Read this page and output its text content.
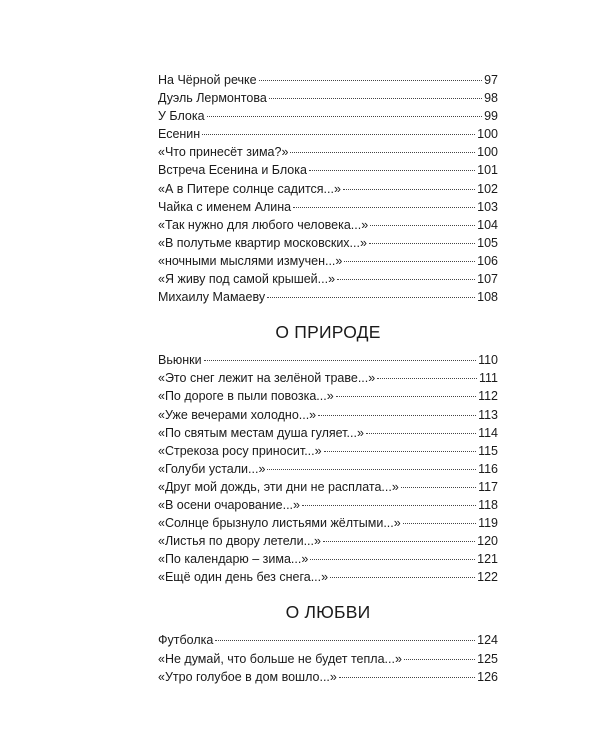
На Чёрной речке	97
Дуэль Лермонтова	98
У Блока	99
Есенин	100
«Что принесёт зима?»	100
Встреча Есенина и Блока	101
«А в Питере солнце садится...»	102
Чайка с именем Алина	103
«Так нужно для любого человека...»	104
«В полутьме квартир московских...»	105
«ночными мыслями измучен...»	106
«Я живу под самой крышей...»	107
Михаилу Мамаеву	108
О ПРИРОДЕ
Вьюнки	110
«Это снег лежит на зелёной траве...»	111
«По дороге в пыли повозка...»	112
«Уже вечерами холодно...»	113
«По святым местам душа гуляет...»	114
«Стрекоза росу приносит...»	115
«Голуби устали...»	116
«Друг мой дождь, эти дни не расплата...»	117
«В осени очарование...»	118
«Солнце брызнуло листьями жёлтыми...»	119
«Листья по двору летели...»	120
«По календарю – зима...»	121
«Ещё один день без снега...»	122
О ЛЮБВИ
Футболка	124
«Не думай, что больше не будет тепла...»	125
«Утро голубое в дом вошло...»	126
